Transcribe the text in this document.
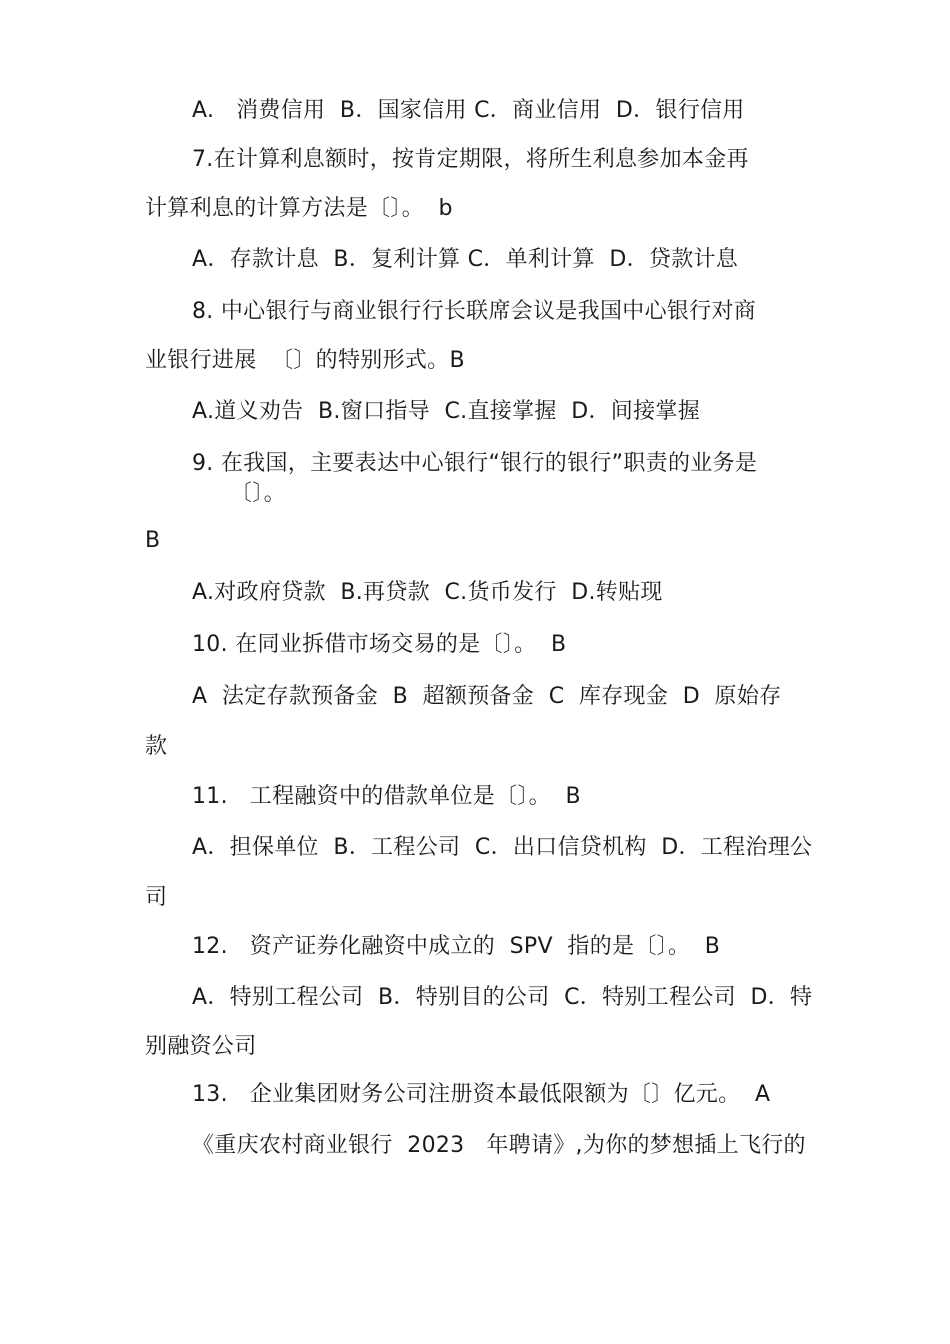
A.   消费信用  B．国家信用 C．商业信用  D．银行信用
7.在计算利息额时，按肯定期限，将所生利息参加本金再
计算利息的计算方法是〔〕。  b
A．存款计息  B．复利计算 C．单利计算  D．贷款计息
8. 中心银行与商业银行行长联席会议是我国中心银行对商
业银行进展  〔〕的特别形式。B
A.道义劝告  B.窗口指导  C.直接掌握  D．间接掌握
9. 在我国，主要表达中心银行“银行的银行”职责的业务是
〔〕。
B
A.对政府贷款  B.再贷款  C.货币发行  D.转贴现
10. 在同业拆借市场交易的是〔〕。  B
A  法定存款预备金  B  超额预备金  C  库存现金  D  原始存
款
11.   工程融资中的借款单位是〔〕。  B
A．担保单位  B．工程公司  C．出口信贷机构  D．工程治理公
司
12.   资产证券化融资中成立的  SPV  指的是〔〕。  B
A．特别工程公司  B．特别目的公司  C．特别工程公司  D．特
别融资公司
13.   企业集团财务公司注册资本最低限额为〔〕亿元。  A
《重庆农村商业银行  2023   年聘请》,为你的梦想插上飞行的
